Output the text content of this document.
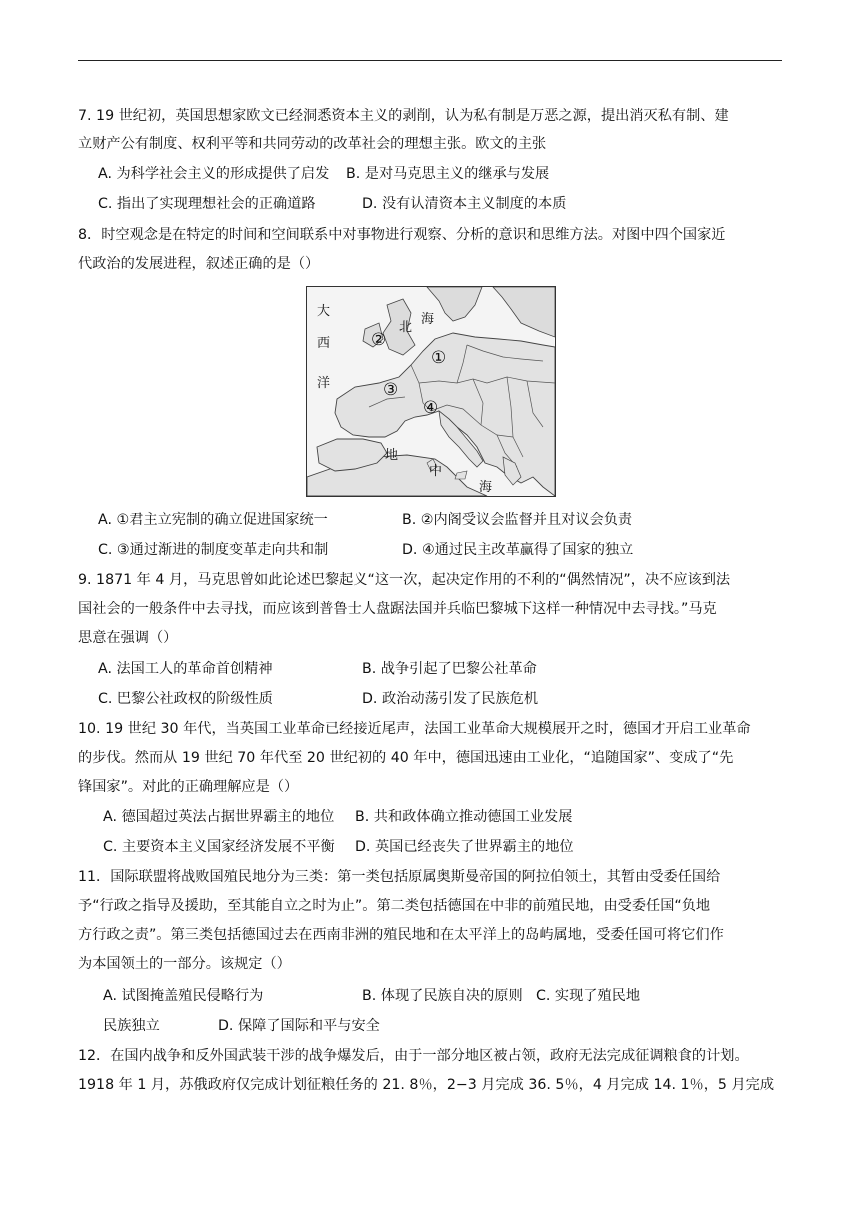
7. 19 世纪初，英国思想家欧文已经洞悉资本主义的剥削，认为私有制是万恶之源，提出消灭私有制、建
立财产公有制度、权利平等和共同劳动的改革社会的理想主张。欧文的主张
A. 为科学社会主义的形成提供了启发 B. 是对马克思主义的继承与发展
C. 指出了实现理想社会的正确道路	D. 没有认清资本主义制度的本质
8．时空观念是在特定的时间和空间联系中对事物进行观察、分析的意识和思维方法。对图中四个国家近
代政治的发展进程，叙述正确的是（）
大
西
洋
北
海
地
中
海
①
②
③
④
A. ①君主立宪制的确立促进国家统一	B. ②内阁受议会监督并且对议会负责
C. ③通过渐进的制度变革走向共和制	D. ④通过民主改革赢得了国家的独立
9. 1871 年 4 月，马克思曾如此论述巴黎起义“这一次，起决定作用的不利的“偶然情况”，决不应该到法
国社会的一般条件中去寻找，而应该到普鲁士人盘踞法国并兵临巴黎城下这样一种情况中去寻找。”马克
思意在强调（）
A. 法国工人的革命首创精神	B. 战争引起了巴黎公社革命
C. 巴黎公社政权的阶级性质	D. 政治动荡引发了民族危机
10. 19 世纪 30 年代，当英国工业革命已经接近尾声，法国工业革命大规模展开之时，德国才开启工业革命
的步伐。然而从 19 世纪 70 年代至 20 世纪初的 40 年中，德国迅速由工业化，“追随国家”、变成了“先
锋国家”。对此的正确理解应是（）
A. 德国超过英法占据世界霸主的地位 B. 共和政体确立推动德国工业发展
C. 主要资本主义国家经济发展不平衡 D. 英国已经丧失了世界霸主的地位
11．国际联盟将战败国殖民地分为三类：第一类包括原属奥斯曼帝国的阿拉伯领土，其暂由受委任国给
予“行政之指导及援助，至其能自立之时为止”。第二类包括德国在中非的前殖民地，由受委任国“负地
方行政之责”。第三类包括德国过去在西南非洲的殖民地和在太平洋上的岛屿属地，受委任国可将它们作
为本国领土的一部分。该规定（）
A. 试图掩盖殖民侵略行为	B. 体现了民族自决的原则 C. 实现了殖民地
民族独立	D. 保障了国际和平与安全
12．在国内战争和反外国武装干涉的战争爆发后，由于一部分地区被占领，政府无法完成征调粮食的计划。
1918 年 1 月，苏俄政府仅完成计划征粮任务的 21. 8％，2−3 月完成 36. 5％，4 月完成 14. 1％，5 月完成
